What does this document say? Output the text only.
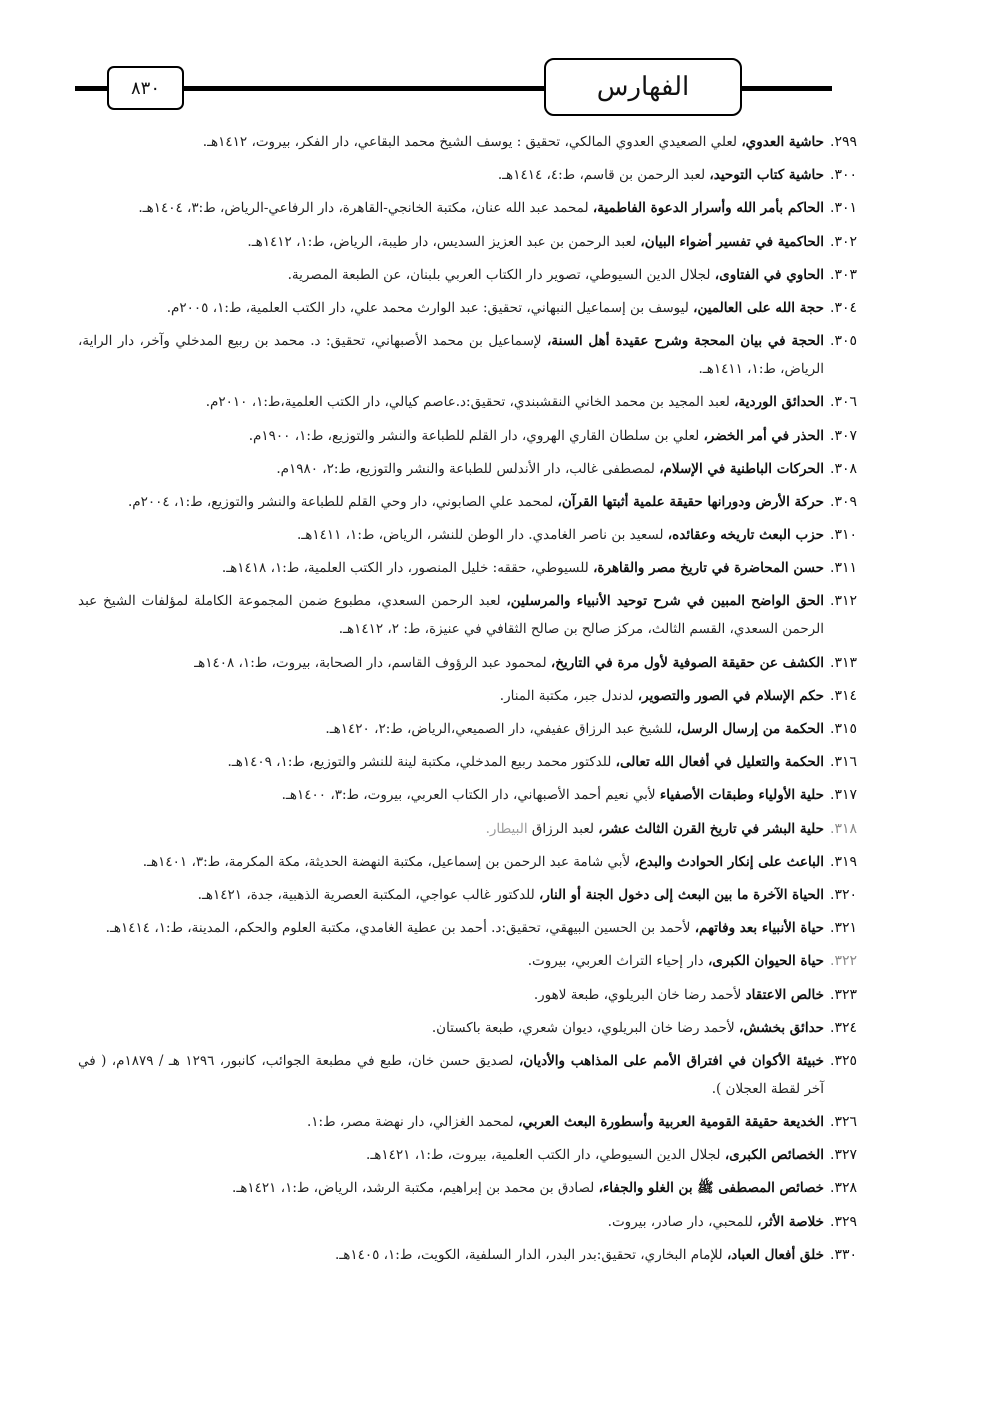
٨٣٠	الفهارس
٢٩٩.
حاشية العدوي، لعلي الصعيدي العدوي المالكي، تحقيق : يوسف الشيخ محمد البقاعي، دار الفكر، بيروت، ١٤١٢هـ.
٣٠٠.
حاشية كتاب التوحيد، لعبد الرحمن بن قاسم، ط:٤، ١٤١٤هـ.
٣٠١.
الحاكم بأمر الله وأسرار الدعوة الفاطمية، لمحمد عبد الله عنان، مكتبة الخانجي-القاهرة، دار الرفاعي-الرياض، ط:٣، ١٤٠٤هـ.
٣٠٢.
الحاكمية في تفسير أضواء البيان، لعبد الرحمن بن عبد العزيز السديس، دار طيبة، الرياض، ط:١، ١٤١٢هـ.
٣٠٣.
الحاوي في الفتاوى، لجلال الدين السيوطي، تصوير دار الكتاب العربي بلبنان، عن الطبعة المصرية.
٣٠٤.
حجة الله على العالمين، ليوسف بن إسماعيل النبهاني، تحقيق: عبد الوارث محمد علي، دار الكتب العلمية، ط:١، ٢٠٠٥م.
٣٠٥.
الحجة في بيان المحجة وشرح عقيدة أهل السنة، لإسماعيل بن محمد الأصبهاني، تحقيق: د. محمد بن ربيع المدخلي وآخر، دار الراية، الرياض، ط:١، ١٤١١هـ.
٣٠٦.
الحدائق الوردية، لعبد المجيد بن محمد الخاني النقشبندي، تحقيق:د.عاصم كيالي، دار الكتب العلمية،ط:١، ٢٠١٠م.
٣٠٧.
الحذر في أمر الخضر، لعلي بن سلطان القاري الهروي، دار القلم للطباعة والنشر والتوزيع، ط:١، ١٩٠٠م.
٣٠٨.
الحركات الباطنية في الإسلام، لمصطفى غالب، دار الأندلس للطباعة والنشر والتوزيع، ط:٢، ١٩٨٠م.
٣٠٩.
حركة الأرض ودورانها حقيقة علمية أثبتها القرآن، لمحمد علي الصابوني، دار وحي القلم للطباعة والنشر والتوزيع، ط:١، ٢٠٠٤م.
٣١٠.
حزب البعث تاريخه وعقائده، لسعيد بن ناصر الغامدي. دار الوطن للنشر، الرياض، ط:١، ١٤١١هـ.
٣١١.
حسن المحاضرة في تاريخ مصر والقاهرة، للسيوطي، حققه: خليل المنصور، دار الكتب العلمية، ط:١، ١٤١٨هـ.
٣١٢.
الحق الواضح المبين في شرح توحيد الأنبياء والمرسلين، لعبد الرحمن السعدي، مطبوع ضمن المجموعة الكاملة لمؤلفات الشيخ عبد الرحمن السعدي، القسم الثالث، مركز صالح بن صالح الثقافي في عنيزة، ط: ٢، ١٤١٢هـ.
٣١٣.
الكشف عن حقيقة الصوفية لأول مرة في التاريخ، لمحمود عبد الرؤوف القاسم، دار الصحابة، بيروت، ط:١، ١٤٠٨هـ
٣١٤.
حكم الإسلام في الصور والتصوير، لدندل جبر، مكتبة المنار.
٣١٥.
الحكمة من إرسال الرسل، للشيخ عبد الرزاق عفيفي، دار الصميعي،الرياض، ط:٢، ١٤٢٠هـ.
٣١٦.
الحكمة والتعليل في أفعال الله تعالى، للدكتور محمد ربيع المدخلي، مكتبة لينة للنشر والتوزيع، ط:١، ١٤٠٩هـ.
٣١٧.
حلية الأولياء وطبقات الأصفياء لأبي نعيم أحمد الأصبهاني، دار الكتاب العربي، بيروت، ط:٣، ١٤٠٠هـ.
٣١٨.
حلية البشر في تاريخ القرن الثالث عشر، لعبد الرزاق البيطار.
٣١٩.
الباعث على إنكار الحوادث والبدع، لأبي شامة عبد الرحمن بن إسماعيل، مكتبة النهضة الحديثة، مكة المكرمة، ط:٣، ١٤٠١هـ.
٣٢٠.
الحياة الآخرة ما بين البعث إلى دخول الجنة أو النار، للدكتور غالب عواجي، المكتبة العصرية الذهبية، جدة، ١٤٢١هـ.
٣٢١.
حياة الأنبياء بعد وفاتهم، لأحمد بن الحسين البيهقي، تحقيق:د. أحمد بن عطية الغامدي، مكتبة العلوم والحكم، المدينة، ط:١، ١٤١٤هـ.
٣٢٢.
حياة الحيوان الكبرى، دار إحياء التراث العربي، بيروت.
٣٢٣.
خالص الاعتقاد لأحمد رضا خان البريلوي، طبعة لاهور.
٣٢٤.
حدائق بخشش، لأحمد رضا خان البريلوي، ديوان شعري، طبعة باكستان.
٣٢٥.
خبيئة الأكوان في افتراق الأمم على المذاهب والأديان، لصديق حسن خان، طبع في مطبعة الجوائب، كانبور، ١٢٩٦ هـ / ١٨٧٩م، ( في آخر لقطة العجلان ).
٣٢٦.
الخديعة حقيقة القومية العربية وأسطورة البعث العربي، لمحمد الغزالي، دار نهضة مصر، ط:١.
٣٢٧.
الخصائص الكبرى، لجلال الدين السيوطي، دار الكتب العلمية، بيروت، ط:١، ١٤٢١هـ.
٣٢٨.
خصائص المصطفى ﷺ بن الغلو والجفاء، لصادق بن محمد بن إبراهيم، مكتبة الرشد، الرياض، ط:١، ١٤٢١هـ.
٣٢٩.
خلاصة الأثر، للمحبي، دار صادر، بيروت.
٣٣٠.
خلق أفعال العباد، للإمام البخاري، تحقيق:بدر البدر، الدار السلفية، الكويت، ط:١، ١٤٠٥هـ.
